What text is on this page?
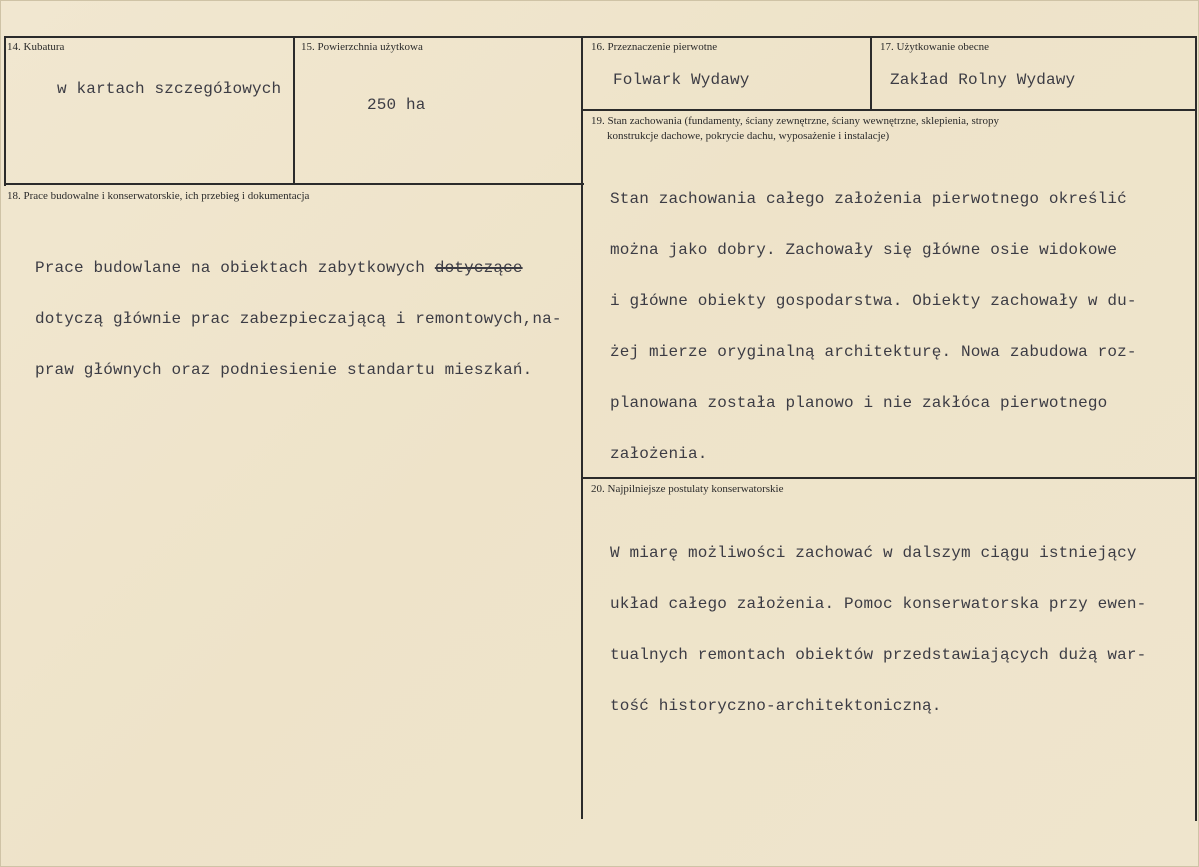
14. Kubatura
w kartach szczegółowych
15. Powierzchnia użytkowa
250 ha
16. Przeznaczenie pierwotne
Folwark Wydawy
17. Użytkowanie obecne
Zakład Rolny Wydawy
18. Prace budowalne i konserwatorskie, ich przebieg i dokumentacja

Prace budowlane na obiektach zabytkowych dotyczące

dotyczą głównie prac zabezpieczającą i remontowych,na-

praw głównych oraz podniesienie standartu mieszkań.

19. Stan zachowania (fundamenty, ściany zewnętrzne, ściany wewnętrzne, sklepienia, stropy
konstrukcje dachowe, pokrycie dachu, wyposażenie i instalacje)

Stan zachowania całego założenia pierwotnego określić

można jako dobry. Zachowały się główne osie widokowe

i główne obiekty gospodarstwa. Obiekty zachowały w du-

żej mierze oryginalną architekturę. Nowa zabudowa roz-

planowana została planowo i nie zakłóca pierwotnego

założenia.

20. Najpilniejsze postulaty konserwatorskie

W miarę możliwości zachować w dalszym ciągu istniejący

układ całego założenia. Pomoc konserwatorska przy ewen-

tualnych remontach obiektów przedstawiających dużą war-

tość historyczno-architektoniczną.
